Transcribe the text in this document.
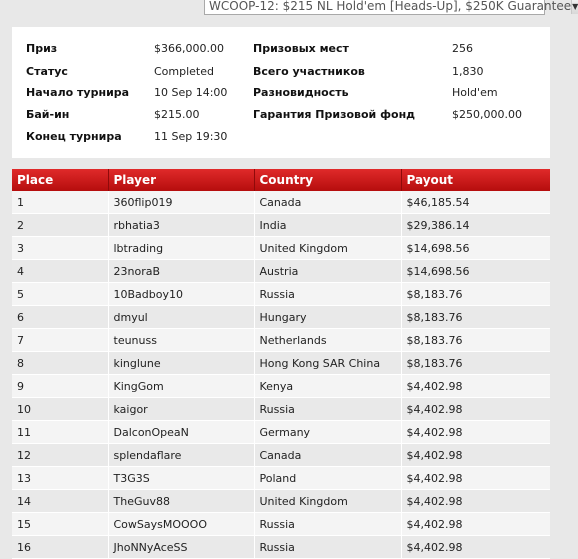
WCOOP-12: $215 NL Hold'em [Heads-Up], $250K Guarantee ▼
Приз	$366,000.00
Статус	Completed
Начало турнира 10 Sep 14:00
Бай-ин	$215.00
Конец турнира	11 Sep 19:30
Призовых мест	256
Всего участников	1,830
Разновидность	Hold'em
Гарантия Призовой фонд	$250,000.00
Place	Player	Country	Payout
1	360flip019	Canada	$46,185.54
2	rbhatia3	India	$29,386.14
3	lbtrading	United Kingdom	$14,698.56
4	23noraB	Austria	$14,698.56
5	10Badboy10	Russia	$8,183.76
6	dmyul	Hungary	$8,183.76
7	teunuss	Netherlands	$8,183.76
8	kinglune	Hong Kong SAR China	$8,183.76
9	KingGom	Kenya	$4,402.98
10	kaigor	Russia	$4,402.98
11	DalconOpeaN	Germany	$4,402.98
12	splendaflare	Canada	$4,402.98
13	T3G3S	Poland	$4,402.98
14	TheGuv88	United Kingdom	$4,402.98
15	CowSaysMOOOO	Russia	$4,402.98
16	JhoNNyAceSS	Russia	$4,402.98
